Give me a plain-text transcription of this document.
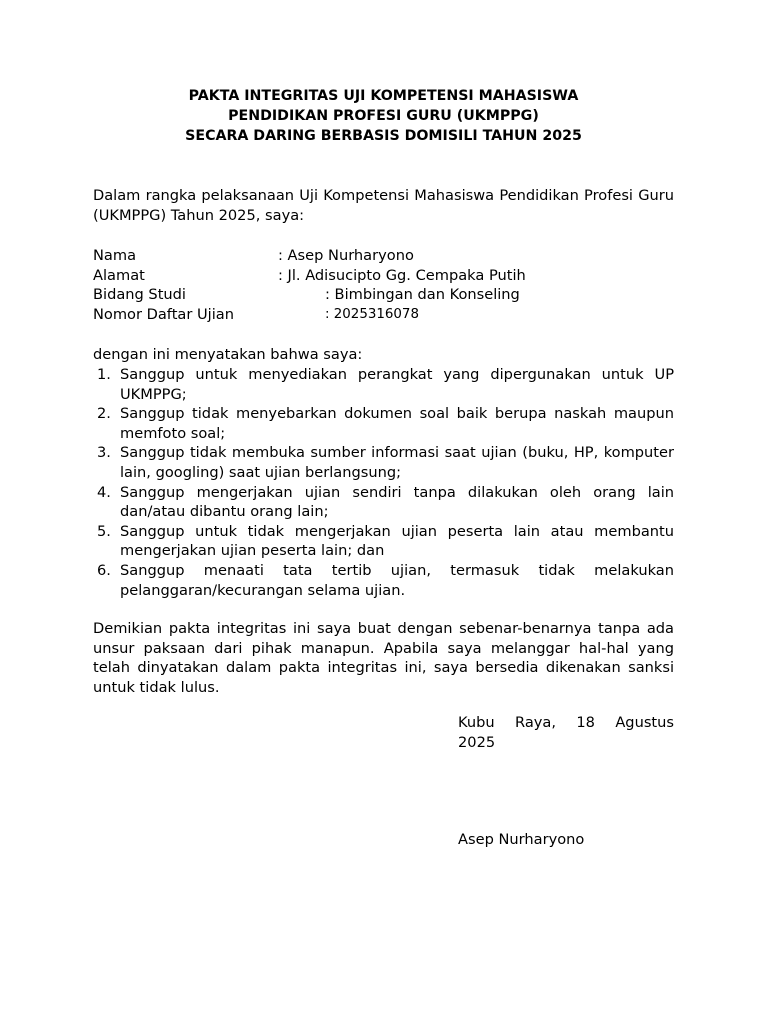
PAKTA INTEGRITAS UJI KOMPETENSI MAHASISWA
PENDIDIKAN PROFESI GURU (UKMPPG)
SECARA DARING BERBASIS DOMISILI TAHUN 2025
Dalam rangka pelaksanaan Uji Kompetensi Mahasiswa Pendidikan Profesi Guru (UKMPPG) Tahun 2025, saya:
Nama	: Asep Nurharyono
Alamat	: Jl. Adisucipto Gg. Cempaka Putih
Bidang Studi	: Bimbingan dan Konseling
Nomor Daftar Ujian	: 2025316078
dengan ini menyatakan bahwa saya:
1. Sanggup untuk menyediakan perangkat yang dipergunakan untuk UP UKMPPG;
2. Sanggup tidak menyebarkan dokumen soal baik berupa naskah maupun memfoto soal;
3. Sanggup tidak membuka sumber informasi saat ujian (buku, HP, komputer lain, googling) saat ujian berlangsung;
4. Sanggup mengerjakan ujian sendiri tanpa dilakukan oleh orang lain dan/atau dibantu orang lain;
5. Sanggup untuk tidak mengerjakan ujian peserta lain atau membantu mengerjakan ujian peserta lain; dan
6. Sanggup menaati tata tertib ujian, termasuk tidak melakukan pelanggaran/kecurangan selama ujian.
Demikian pakta integritas ini saya buat dengan sebenar-benarnya tanpa ada unsur paksaan dari pihak manapun. Apabila saya melanggar hal-hal yang telah dinyatakan dalam pakta integritas ini, saya bersedia dikenakan sanksi untuk tidak lulus.
Kubu Raya, 18 Agustus
2025
Asep Nurharyono
